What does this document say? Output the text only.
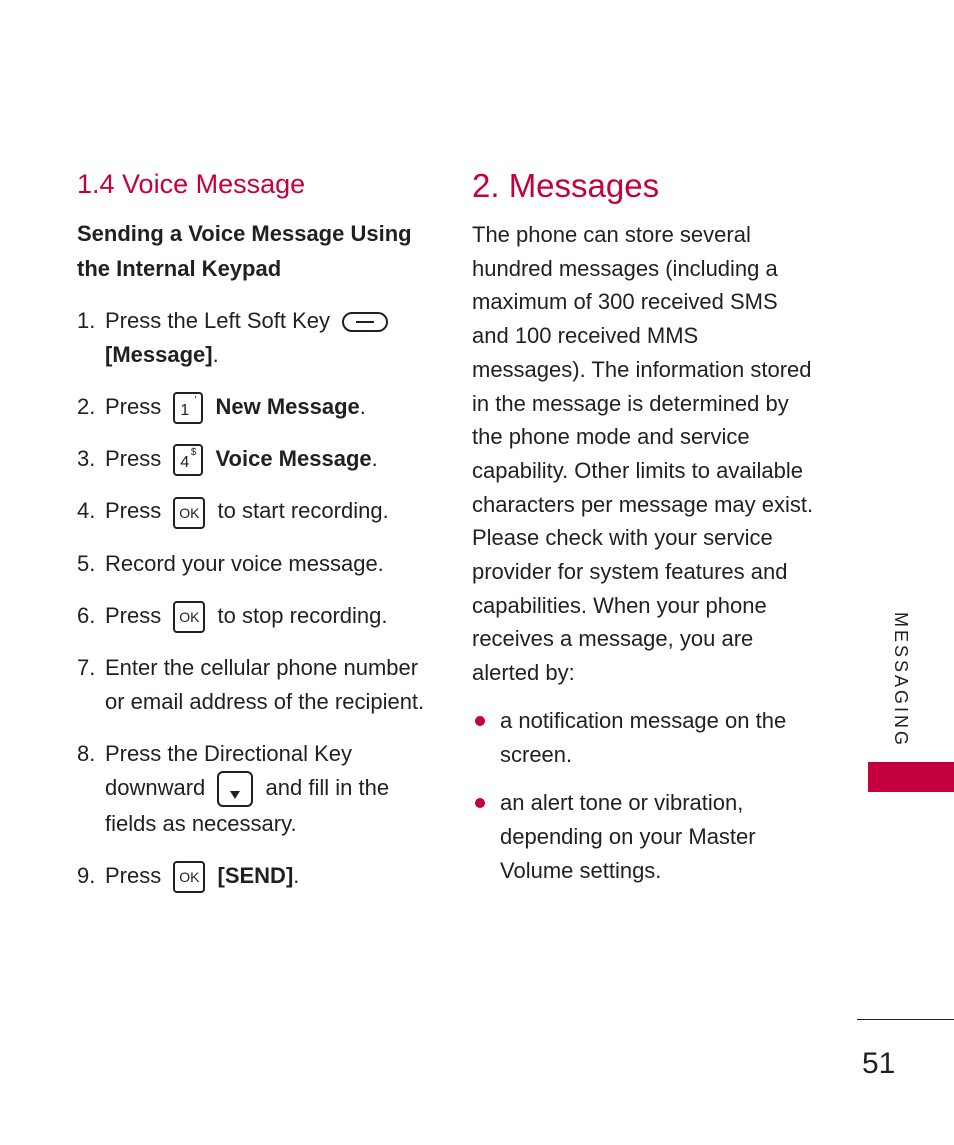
1.4 Voice Message
Sending a Voice Message Using the Internal Keypad
1. Press the Left Soft Key

[Message].
2. Press 1
' New Message.
3. Press 4
$ Voice Message.
4. Press OK to start recording.
5. Record your voice message.
6. Press OK to stop recording.
7. Enter the cellular phone number or email address of the recipient.
8. Press the Directional Key downward	and fill in the fields as necessary.
9. Press OK [SEND].
2. Messages

The phone can store several hundred messages (including a maximum of 300 received SMS and 100 received MMS messages). The information stored in the message is determined by the phone mode and service capability. Other limits to available characters per message may exist. Please check with your service provider for system features and capabilities. When your phone receives a message, you are alerted by:

a notification message on the screen.
an alert tone or vibration, depending on your Master Volume settings.
MESSAGING
51
